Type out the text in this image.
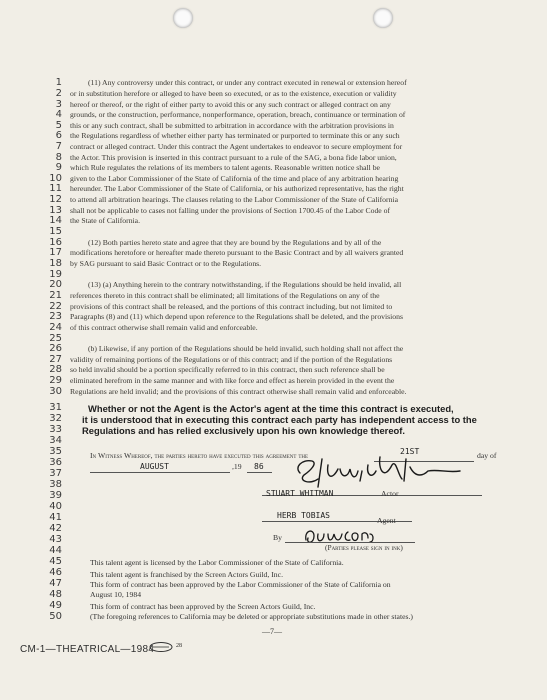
1
2
3
4
5
6
7
8
9
10
11
12
13
14
15
16
17
18
19
20
21
22
23
24
25
26
27
28
29
30
31
32
33
34
35
36
37
38
39
40
41
42
43
44
45
46
47
48
49
50
(11) Any controversy under this contract, or under any contract executed in renewal or extension hereof
or in substitution herefore or alleged to have been so executed, or as to the existence, execution or validity
hereof or thereof, or the right of either party to avoid this or any such contract or alleged contract on any
grounds, or the construction, performance, nonperformance, operation, breach, continuance or termination of
this or any such contract, shall be submitted to arbitration in accordance with the arbitration provisions in
the Regulations regardless of whether either party has terminated or purported to terminate this or any such
contract or alleged contract. Under this contract the Agent undertakes to endeavor to secure employment for
the Actor. This provision is inserted in this contract pursuant to a rule of the SAG, a bona fide labor union,
which Rule regulates the relations of its members to talent agents. Reasonable written notice shall be
given to the Labor Commissioner of the State of California of the time and place of any arbitration hearing
hereunder. The Labor Commissioner of the State of California, or his authorized representative, has the right
to attend all arbitration hearings. The clauses relating to the Labor Commissioner of the State of California
shall not be applicable to cases not falling under the provisions of Section 1700.45 of the Labor Code of
the State of California.
(12) Both parties hereto state and agree that they are bound by the Regulations and by all of the
modifications heretofore or hereafter made thereto pursuant to the Basic Contract and by all waivers granted
by SAG pursuant to said Basic Contract or to the Regulations.
(13) (a) Anything herein to the contrary notwithstanding, if the Regulations should be held invalid, all
references thereto in this contract shall be eliminated; all limitations of the Regulations on any of the
provisions of this contract shall be released, and the portions of this contract including, but not limited to
Paragraphs (8) and (11) which depend upon reference to the Regulations shall be deleted, and the provisions
of this contract otherwise shall remain valid and enforceable.
(b) Likewise, if any portion of the Regulations should be held invalid, such holding shall not affect the
validity of remaining portions of the Regulations or of this contract; and if the portion of the Regulations
so held invalid should be a portion specifically referred to in this contract, then such reference shall be
eliminated herefrom in the same manner and with like force and effect as herein provided in the event the
Regulations are held invalid; and the provisions of this contract otherwise shall remain valid and enforceable.
Whether or not the Agent is the Actor's agent at the time this contract is executed,
it is understood that in executing this contract each party has independent access to the
Regulations and has relied exclusively upon his own knowledge thereof.
In Witness Whereof, the parties hereto have executed this agreement the	21ST	day of
AUGUST	,19 86
STUART WHITMAN	Actor
HERB TOBIAS
Agent
By
(Parties please sign in ink)
This talent agent is licensed by the Labor Commissioner of the State of California.
This talent agent is franchised by the Screen Actors Guild, Inc.
This form of contract has been approved by the Labor Commissioner of the State of California on
August 10, 1984
This form of contract has been approved by the Screen Actors Guild, Inc.
(The foregoing references to California may be deleted or appropriate substitutions made in other states.)
—7—
CM-1—THEATRICAL—1984	28
